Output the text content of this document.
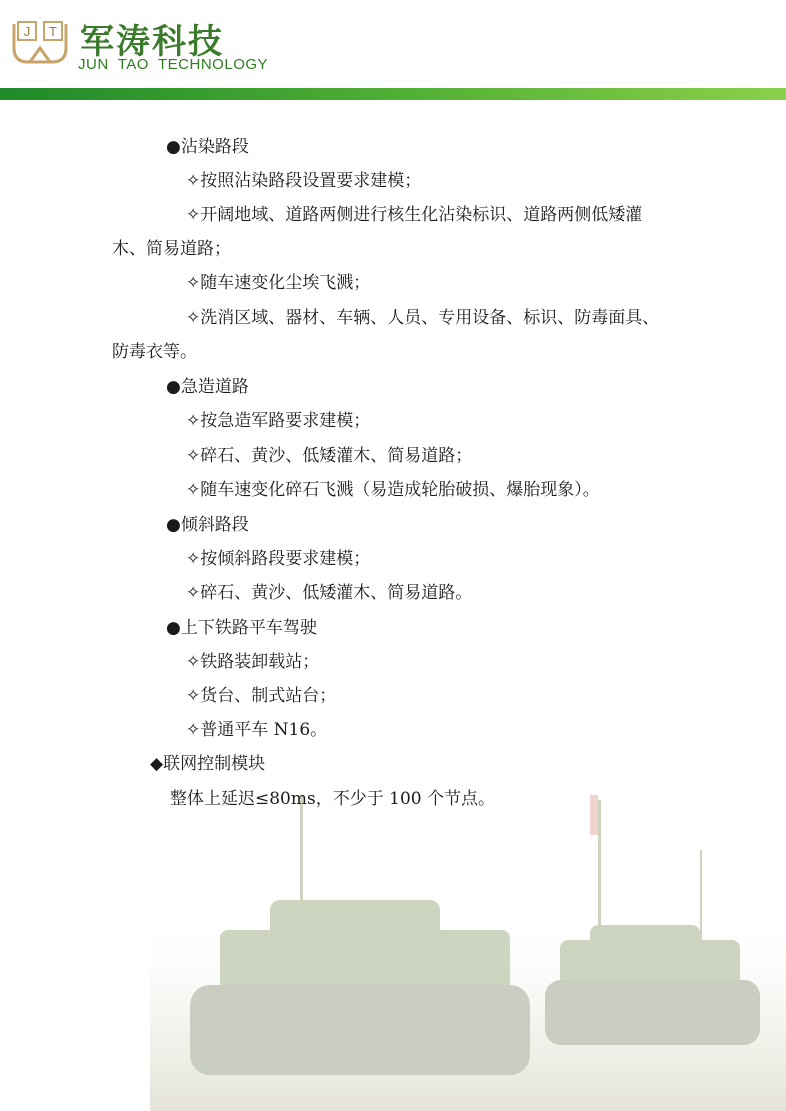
J T 军涛科技
JUN  TAO  TECHNOLOGY
●沾染路段
✧按照沾染路段设置要求建模；
✧开阔地域、道路两侧进行核生化沾染标识、道路两侧低矮灌
木、简易道路；
✧随车速变化尘埃飞溅；
✧洗消区域、器材、车辆、人员、专用设备、标识、防毒面具、
防毒衣等。
●急造道路
✧按急造军路要求建模；
✧碎石、黄沙、低矮灌木、简易道路；
✧随车速变化碎石飞溅（易造成轮胎破损、爆胎现象）。
●倾斜路段
✧按倾斜路段要求建模；
✧碎石、黄沙、低矮灌木、简易道路。
●上下铁路平车驾驶
✧铁路装卸载站；
✧货台、制式站台；
✧普通平车 N16。
◆联网控制模块
整体上延迟≤80ms，不少于 100 个节点。
